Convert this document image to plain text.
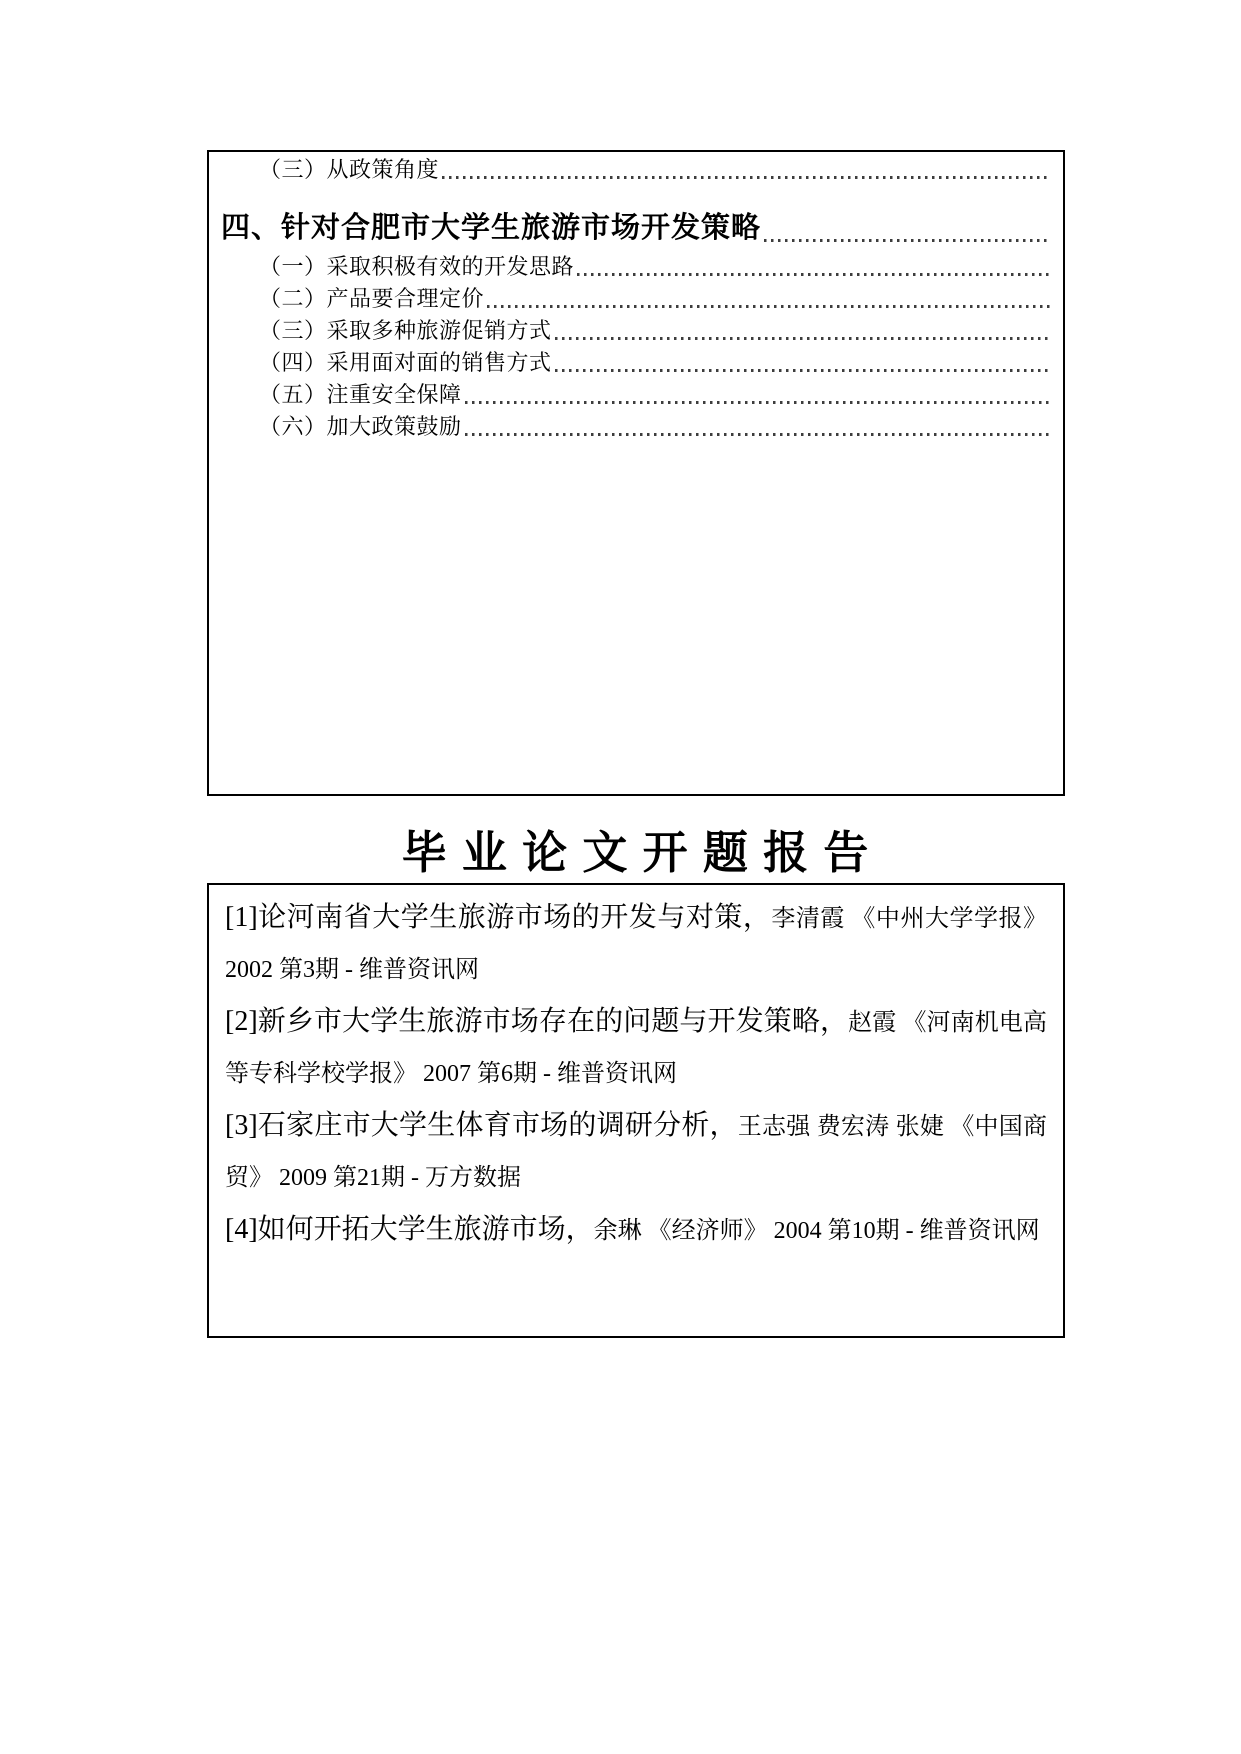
（三）从政策角度
四、针对合肥市大学生旅游市场开发策略
（一）采取积极有效的开发思路
（二）产品要合理定价
（三）采取多种旅游促销方式
（四）采用面对面的销售方式
（五）注重安全保障
（六）加大政策鼓励
毕 业 论 文 开 题 报 告

[1]论河南省大学生旅游市场的开发与对策，李清霞 《中州大学学报》 2002 第3期 - 维普资讯网

[2]新乡市大学生旅游市场存在的问题与开发策略，赵霞 《河南机电高等专科学校学报》 2007 第6期 - 维普资讯网

[3]石家庄市大学生体育市场的调研分析，王志强 费宏涛 张婕 《中国商贸》 2009 第21期 - 万方数据

[4]如何开拓大学生旅游市场，余琳 《经济师》 2004 第10期 - 维普资讯网
